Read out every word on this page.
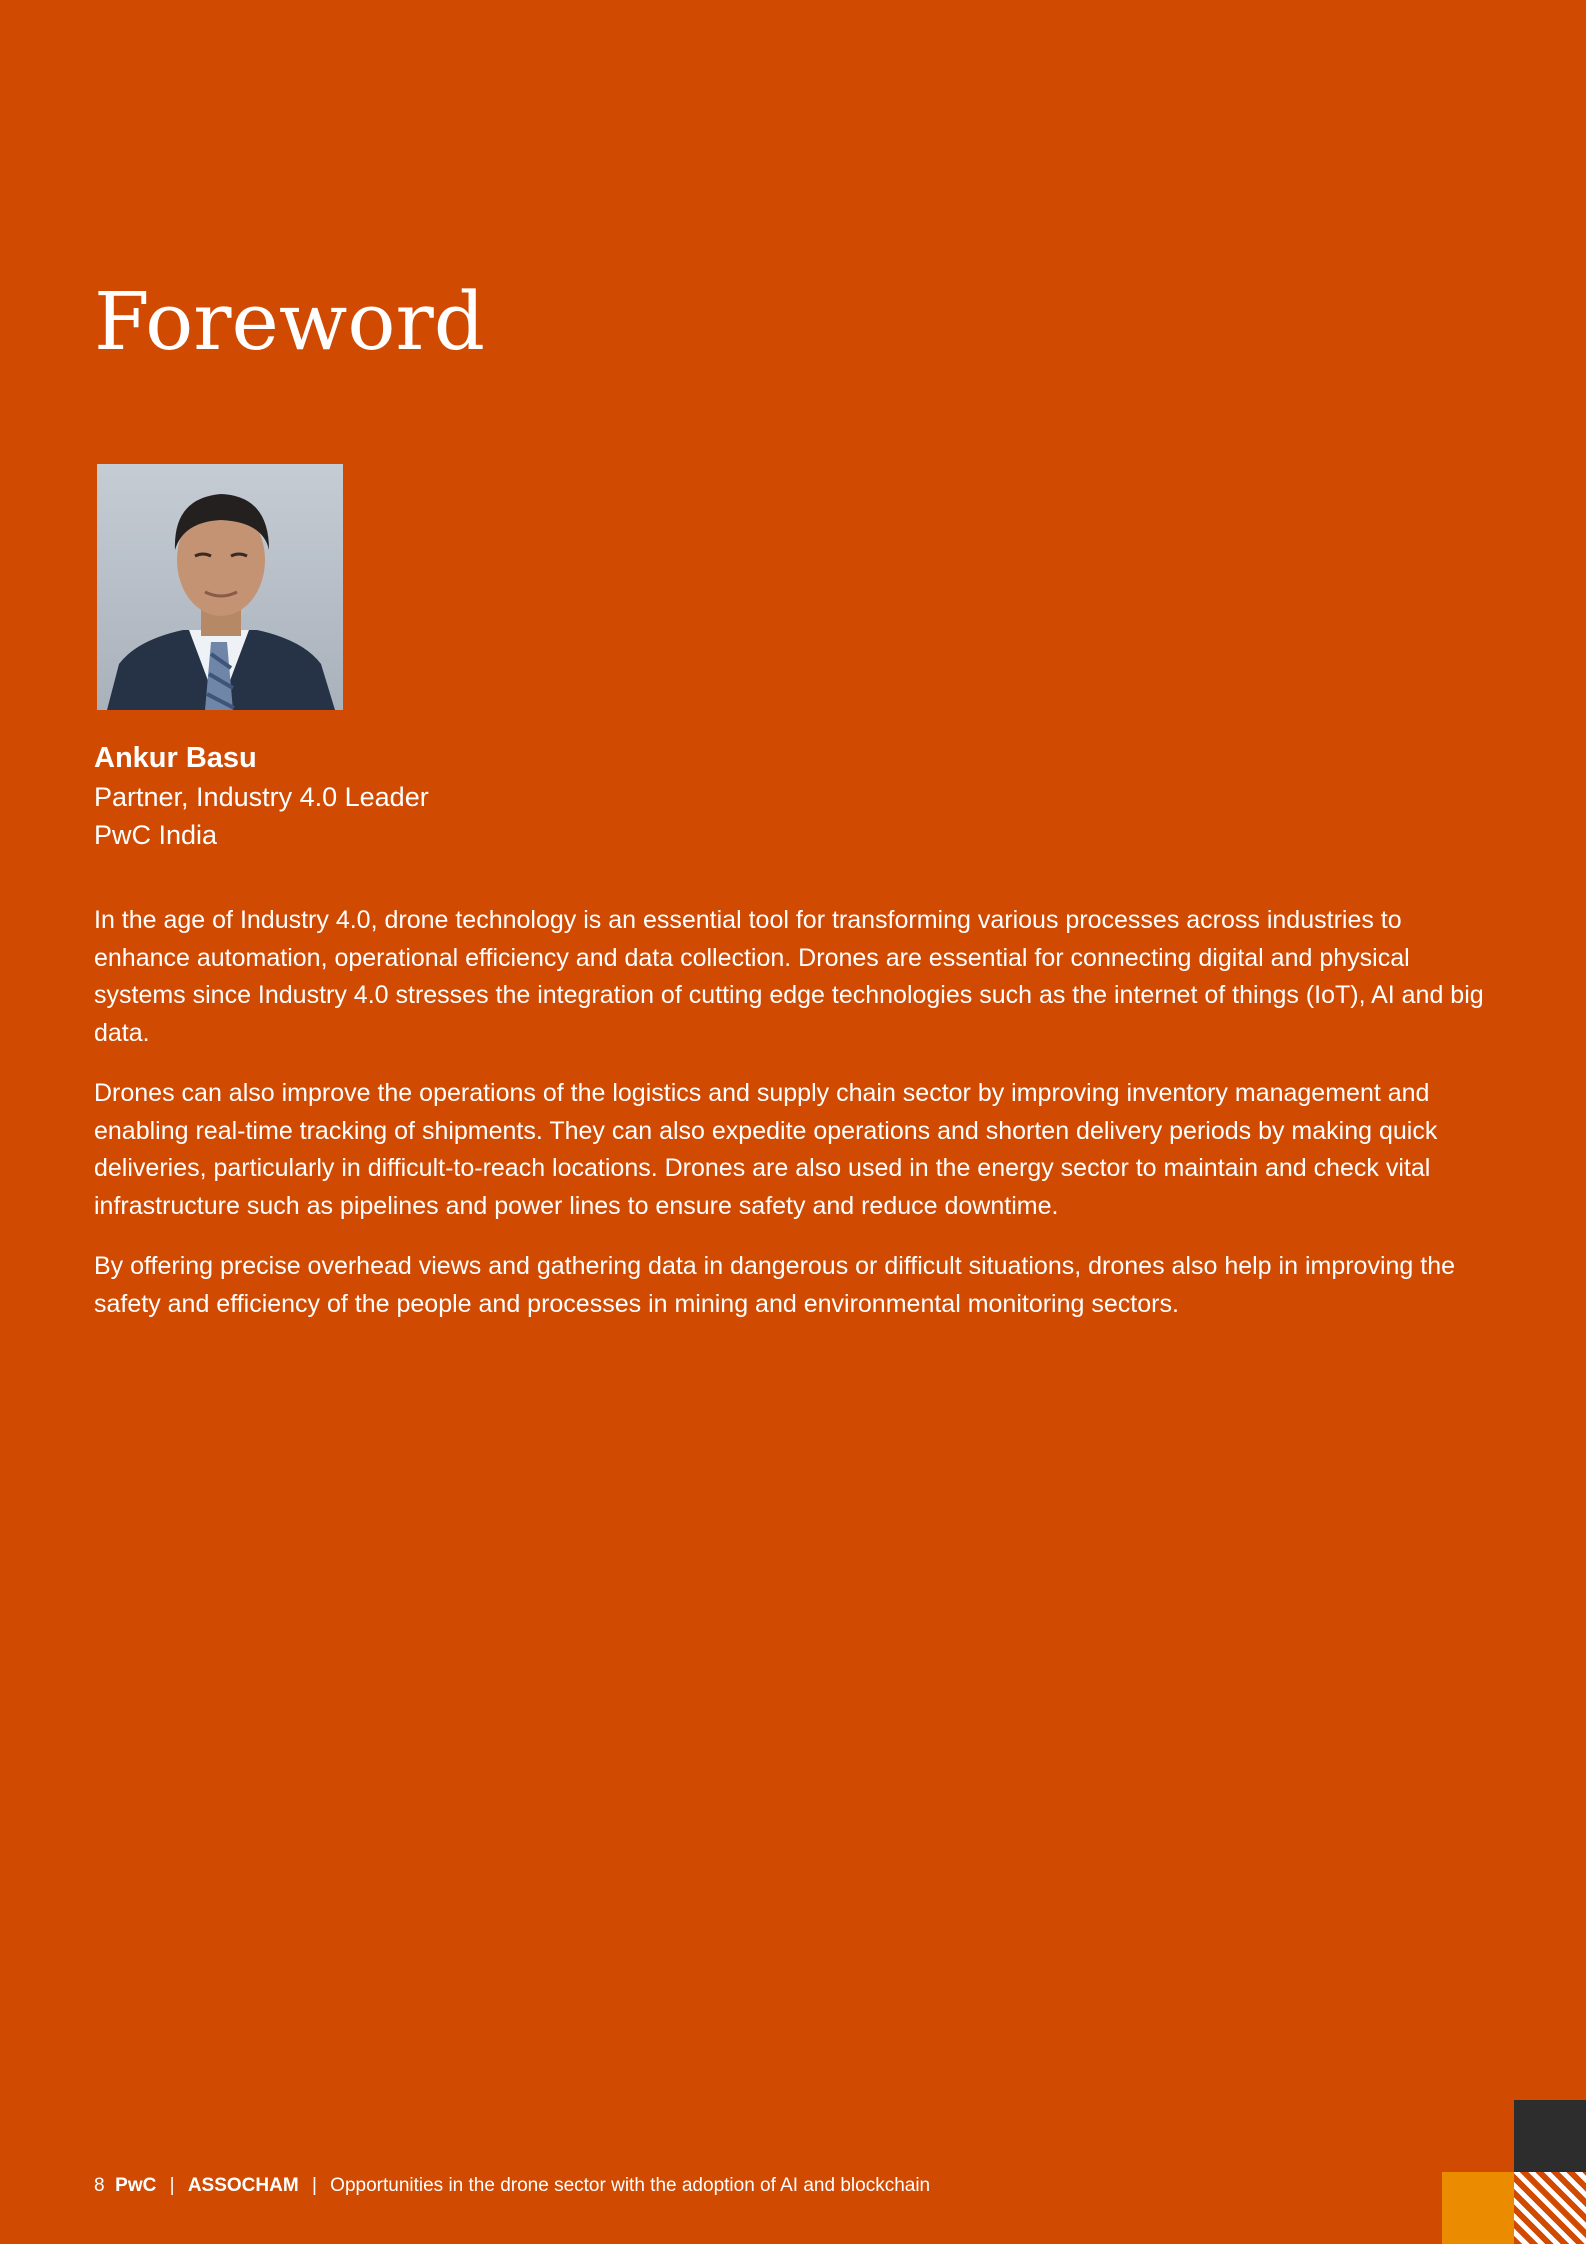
Foreword
Ankur Basu
Partner, Industry 4.0 Leader
PwC India

In the age of Industry 4.0, drone technology is an essential tool for transforming various processes across industries to enhance automation, operational efficiency and data collection. Drones are essential for connecting digital and physical systems since Industry 4.0 stresses the integration of cutting edge technologies such as the internet of things (IoT), AI and big data.

Drones can also improve the operations of the logistics and supply chain sector by improving inventory management and enabling real-time tracking of shipments. They can also expedite operations and shorten delivery periods by making quick deliveries, particularly in difficult-to-reach locations. Drones are also used in the energy sector to maintain and check vital infrastructure such as pipelines and power lines to ensure safety and reduce downtime.

By offering precise overhead views and gathering data in dangerous or difficult situations, drones also help in improving the safety and efficiency of the people and processes in mining and environmental monitoring sectors.

8 PwC | ASSOCHAM | Opportunities in the drone sector with the adoption of AI and blockchain
